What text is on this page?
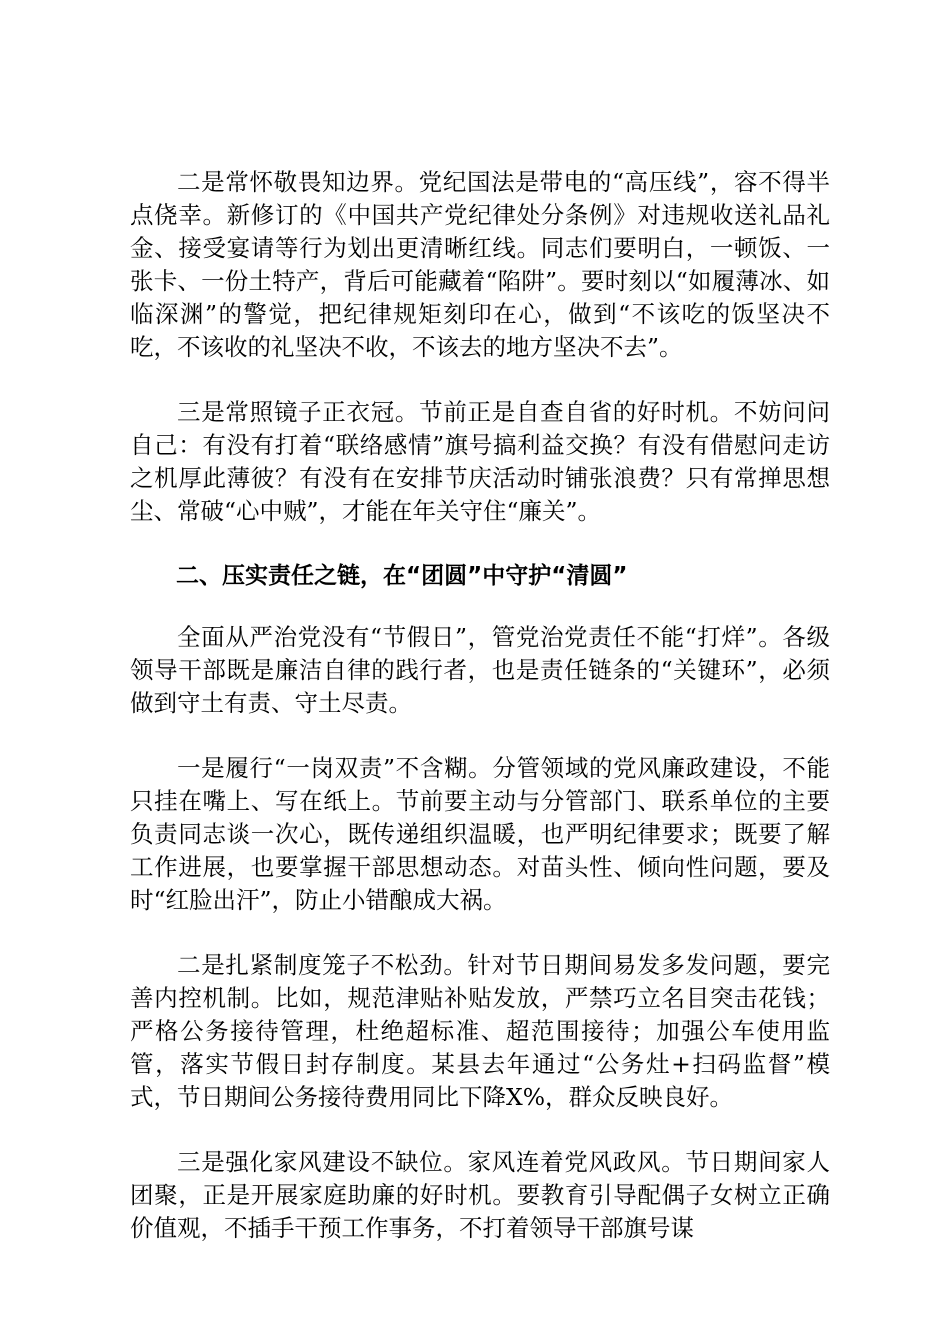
二是常怀敬畏知边界。党纪国法是带电的“高压线”，容不得半点侥幸。新修订的《中国共产党纪律处分条例》对违规收送礼品礼金、接受宴请等行为划出更清晰红线。同志们要明白，一顿饭、一张卡、一份土特产，背后可能藏着“陷阱”。要时刻以“如履薄冰、如临深渊”的警觉，把纪律规矩刻印在心，做到“不该吃的饭坚决不吃，不该收的礼坚决不收，不该去的地方坚决不去”。

三是常照镜子正衣冠。节前正是自查自省的好时机。不妨问问自己：有没有打着“联络感情”旗号搞利益交换？有没有借慰问走访之机厚此薄彼？有没有在安排节庆活动时铺张浪费？只有常掸思想尘、常破“心中贼”，才能在年关守住“廉关”。

二、压实责任之链，在“团圆”中守护“清圆”

全面从严治党没有“节假日”，管党治党责任不能“打烊”。各级领导干部既是廉洁自律的践行者，也是责任链条的“关键环”，必须做到守土有责、守土尽责。

一是履行“一岗双责”不含糊。分管领域的党风廉政建设，不能只挂在嘴上、写在纸上。节前要主动与分管部门、联系单位的主要负责同志谈一次心，既传递组织温暖，也严明纪律要求；既要了解工作进展，也要掌握干部思想动态。对苗头性、倾向性问题，要及时“红脸出汗”，防止小错酿成大祸。

二是扎紧制度笼子不松劲。针对节日期间易发多发问题，要完善内控机制。比如，规范津贴补贴发放，严禁巧立名目突击花钱；严格公务接待管理，杜绝超标准、超范围接待；加强公车使用监管，落实节假日封存制度。某县去年通过“公务灶+扫码监督”模式，节日期间公务接待费用同比下降X%，群众反映良好。

三是强化家风建设不缺位。家风连着党风政风。节日期间家人团聚，正是开展家庭助廉的好时机。要教育引导配偶子女树立正确价值观，不插手干预工作事务，不打着领导干部旗号谋
